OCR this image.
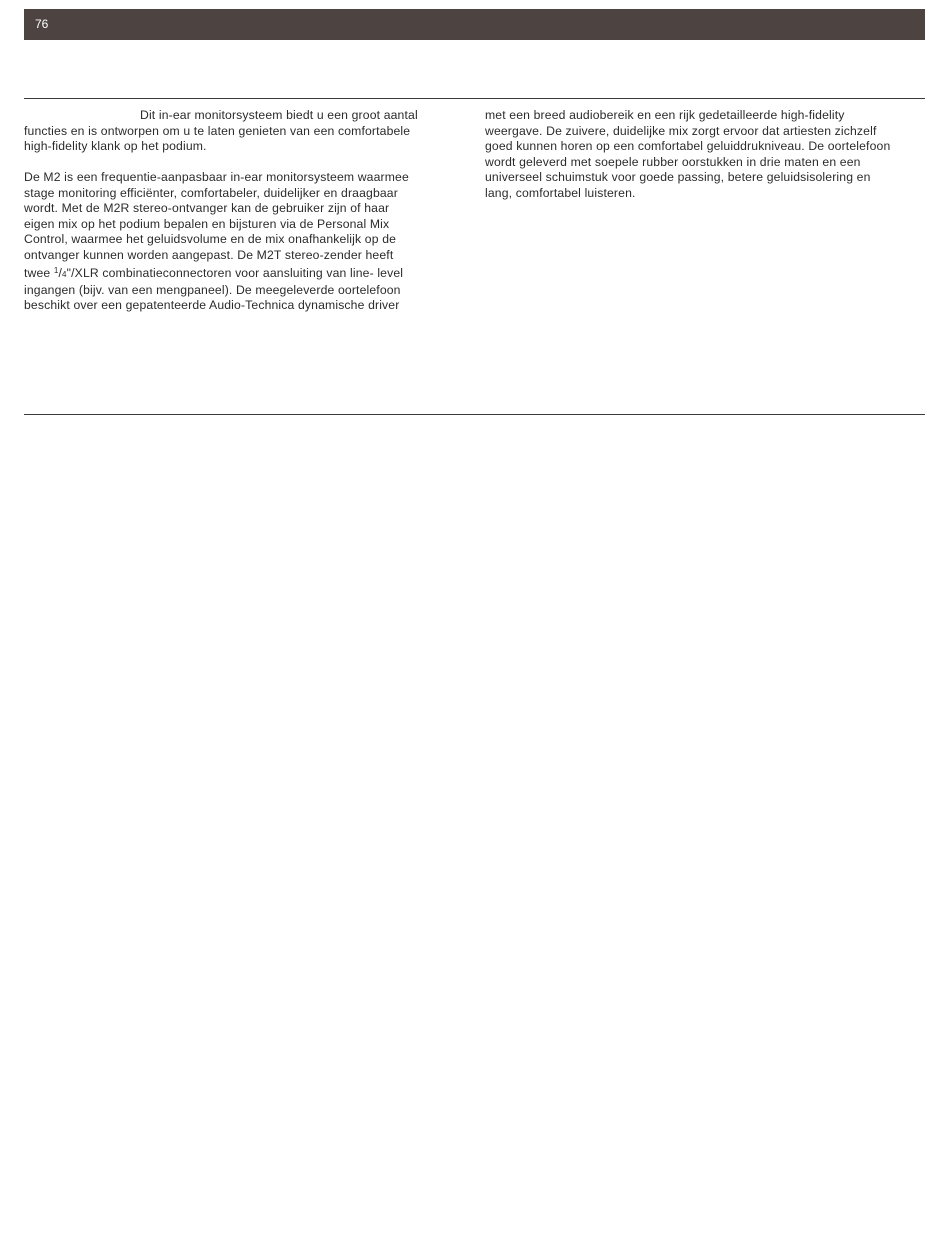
76

Dit in-ear monitorsysteem biedt u een groot aantal
functies en is ontworpen om u te laten genieten van een comfortabele
high-fidelity klank op het podium.

De M2 is een frequentie-aanpasbaar in-ear monitorsysteem waarmee
stage monitoring efficiënter, comfortabeler, duidelijker en draagbaar
wordt. Met de M2R stereo-ontvanger kan de gebruiker zijn of haar
eigen mix op het podium bepalen en bijsturen via de Personal Mix
Control, waarmee het geluidsvolume en de mix onafhankelijk op de
ontvanger kunnen worden aangepast. De M2T stereo-zender heeft
twee $^1$/4"/XLR combinatieconnectoren voor aansluiting van line- level
ingangen (bijv. van een mengpaneel). De meegeleverde oortelefoon
beschikt over een gepatenteerde Audio-Technica dynamische driver

met een breed audiobereik en een rijk gedetailleerde high-fidelity
weergave. De zuivere, duidelijke mix zorgt ervoor dat artiesten zichzelf
goed kunnen horen op een comfortabel geluiddrukniveau. De oortelefoon
wordt geleverd met soepele rubber oorstukken in drie maten en een
universeel schuimstuk voor goede passing, betere geluidsisolering en
lang, comfortabel luisteren.
